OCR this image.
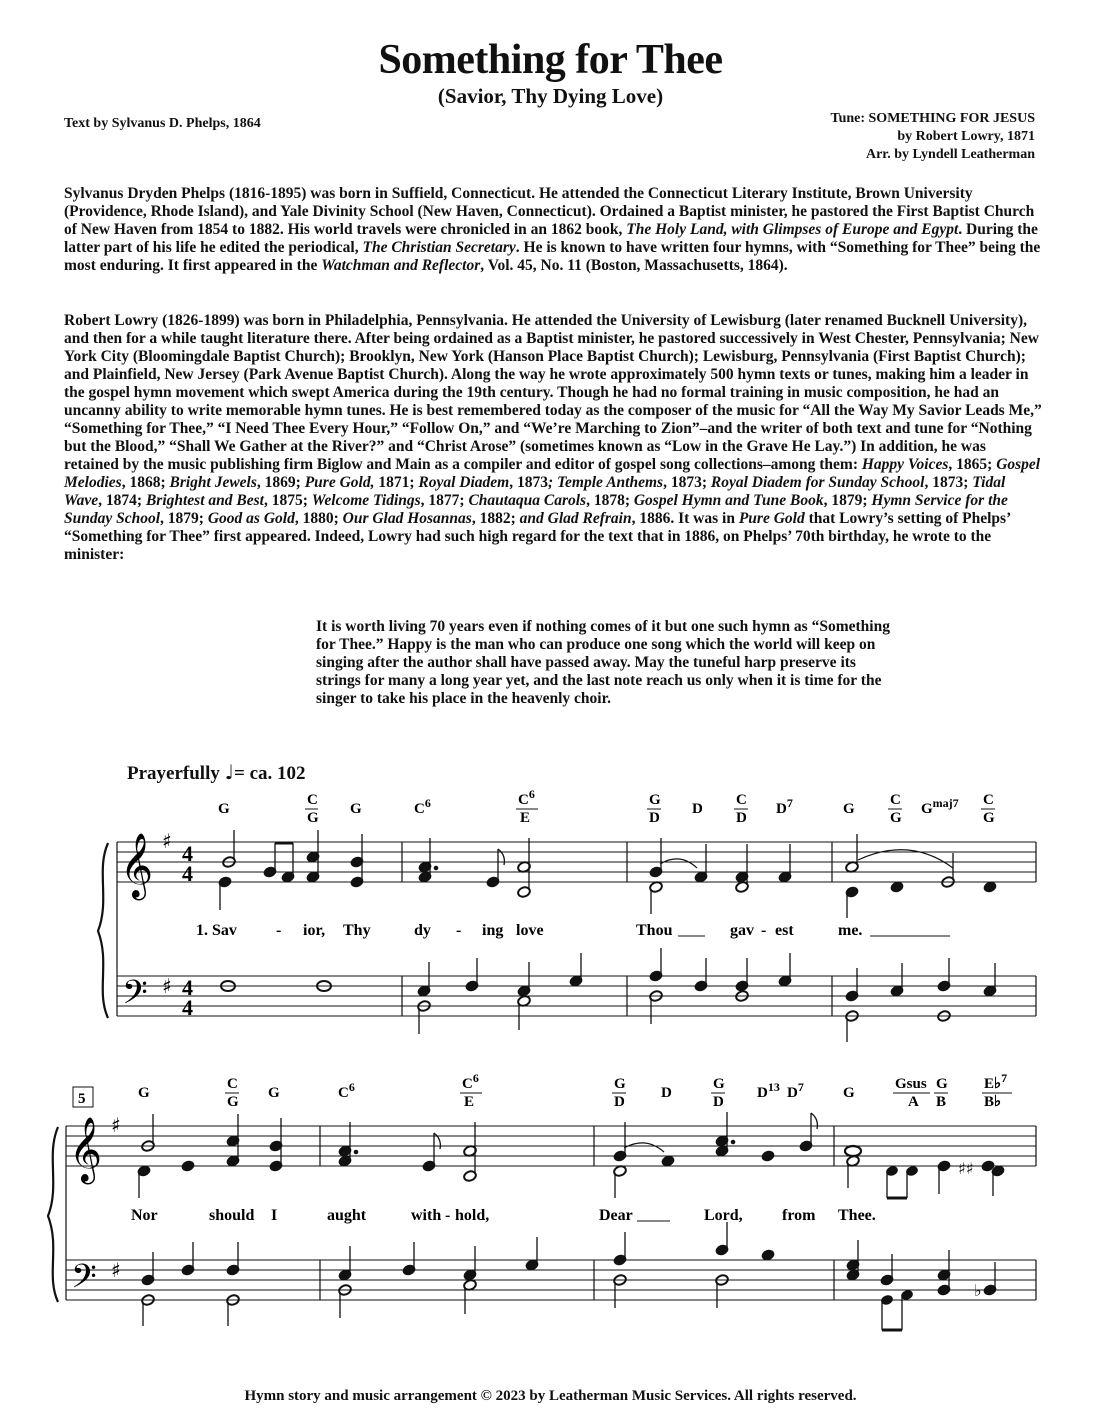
Something for Thee
(Savior, Thy Dying Love)
Text by Sylvanus D. Phelps, 1864	Tune: SOMETHING FOR JESUS
by Robert Lowry, 1871
Arr. by Lyndell Leatherman

Sylvanus Dryden Phelps (1816-1895) was born in Suffield, Connecticut. He attended the Connecticut Literary Institute, Brown University (Providence, Rhode Island), and Yale Divinity School (New Haven, Connecticut). Ordained a Baptist minister, he pastored the First Baptist Church of New Haven from 1854 to 1882. His world travels were chronicled in an 1862 book, The Holy Land, with Glimpses of Europe and Egypt. During the latter part of his life he edited the periodical, The Christian Secretary. He is known to have written four hymns, with “Something for Thee” being the most enduring. It first appeared in the Watchman and Reflector, Vol. 45, No. 11 (Boston, Massachusetts, 1864).

Robert Lowry (1826-1899) was born in Philadelphia, Pennsylvania. He attended the University of Lewisburg (later renamed Bucknell University), and then for a while taught literature there. After being ordained as a Baptist minister, he pastored successively in West Chester, Pennsylvania; New York City (Bloomingdale Baptist Church); Brooklyn, New York (Hanson Place Baptist Church); Lewisburg, Pennsylvania (First Baptist Church); and Plainfield, New Jersey (Park Avenue Baptist Church). Along the way he wrote approximately 500 hymn texts or tunes, making him a leader in the gospel hymn movement which swept America during the 19th century. Though he had no formal training in music composition, he had an uncanny ability to write memorable hymn tunes. He is best remembered today as the composer of the music for “All the Way My Savior Leads Me,” “Something for Thee,” “I Need Thee Every Hour,” “Follow On,” and “We’re Marching to Zion”–and the writer of both text and tune for “Nothing but the Blood,” “Shall We Gather at the River?” and “Christ Arose” (sometimes known as “Low in the Grave He Lay.”) In addition, he was retained by the music publishing firm Biglow and Main as a compiler and editor of gospel song collections–among them: Happy Voices, 1865; Gospel Melodies, 1868; Bright Jewels, 1869; Pure Gold, 1871; Royal Diadem, 1873; Temple Anthems, 1873; Royal Diadem for Sunday School, 1873; Tidal Wave, 1874; Brightest and Best, 1875; Welcome Tidings, 1877; Chautaqua Carols, 1878; Gospel Hymn and Tune Book, 1879; Hymn Service for the Sunday School, 1879; Good as Gold, 1880; Our Glad Hosannas, 1882; and Glad Refrain, 1886. It was in Pure Gold that Lowry’s setting of Phelps’ “Something for Thee” first appeared. Indeed, Lowry had such high regard for the text that in 1886, on Phelps’ 70th birthday, he wrote to the minister:

It is worth living 70 years even if nothing comes of it but one such hymn as “Something for Thee.” Happy is the man who can produce one song which the world will keep on singing after the author shall have passed away. May the tuneful harp preserve its strings for many a long year yet, and the last note reach us only when it is time for the singer to take his place in the heavenly choir.

Prayerfully ♩= ca. 102
𝄞
𝄢
♯
♯
4
4
4
4
G
C
G
G	$C^6$	$C^6$
E
G
D
D
C
D
$D^7$	G
C
G
$G^{maj7}$ C
G
1. Sav - ior, Thy	dy - ing love	Thou	gav - est	me.
5
𝄞
𝄢
♯
♯
G
C
G
G	$C^6$	$C^6$
E
G
D
D
G
D
$D^{13}$ $D^7$	G
Gsus
A
G
B
E♭$^7$
B♭
♯♯
Nor	should I	aught	with - hold,	Dear	Lord, from Thee.
♭
Hymn story and music arrangement © 2023 by Leatherman Music Services. All rights reserved.
